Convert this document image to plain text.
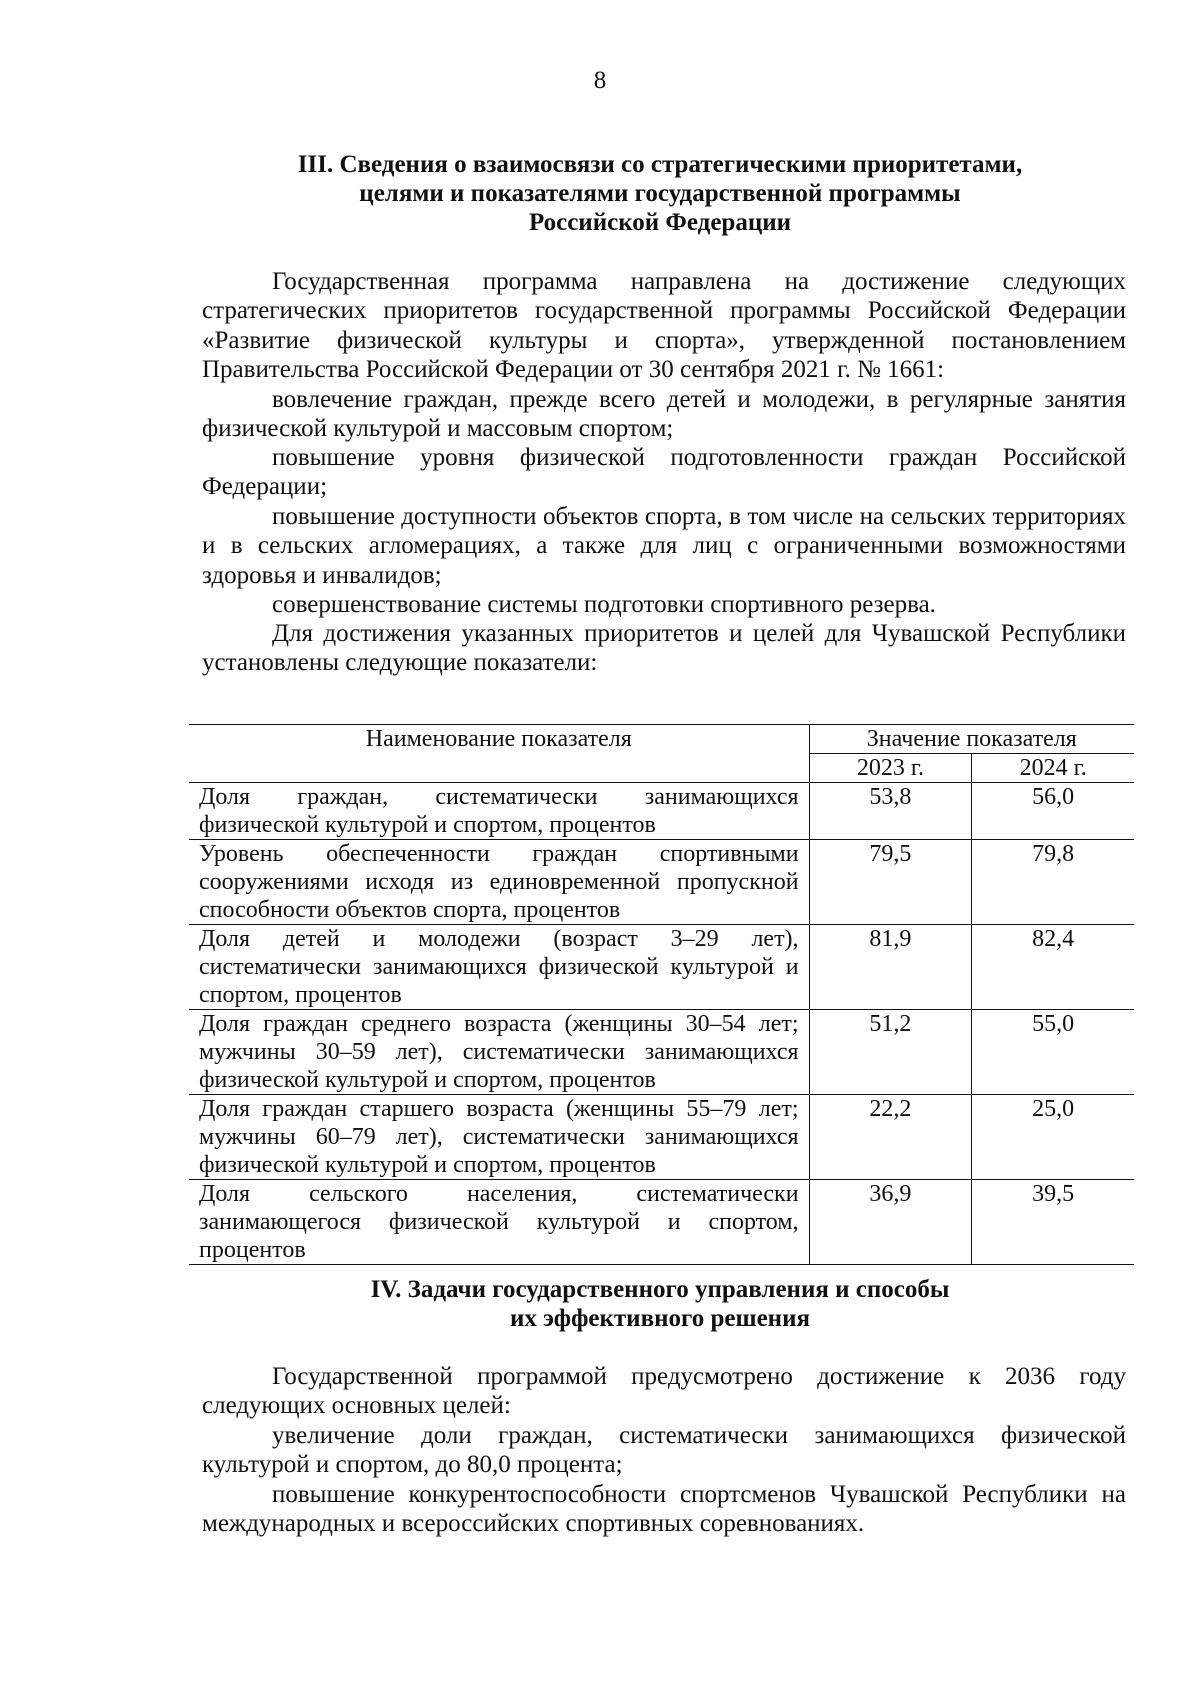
8
III. Сведения о взаимосвязи со стратегическими приоритетами,
целями и показателями государственной программы
Российской Федерации

Государственная программа направлена на достижение следующих стратегических приоритетов государственной программы Российской Федерации «Развитие физической культуры и спорта», утвержденной постановлением Правительства Российской Федерации от 30 сентября 2021 г. № 1661:

вовлечение граждан, прежде всего детей и молодежи, в регулярные занятия физической культурой и массовым спортом;

повышение уровня физической подготовленности граждан Российской Федерации;

повышение доступности объектов спорта, в том числе на сельских территориях и в сельских агломерациях, а также для лиц с ограниченными возможностями здоровья и инвалидов;

совершенствование системы подготовки спортивного резерва.

Для достижения указанных приоритетов и целей для Чувашской Республики установлены следующие показатели:

Наименование показателя	Значение показателя	
	2023 г.	2024 г.
Доля граждан, систематически занимающихся физической культурой и спортом, процентов	53,8	56,0
Уровень обеспеченности граждан спортивными сооружениями исходя из единовременной пропускной способности объектов спорта, процентов	79,5	79,8
Доля детей и молодежи (возраст 3–29 лет), систематически занимающихся физической культурой и спортом, процентов	81,9	82,4
Доля граждан среднего возраста (женщины 30–54 лет; мужчины 30–59 лет), систематически занимающихся физической культурой и спортом, процентов	51,2	55,0
Доля граждан старшего возраста (женщины 55–79 лет; мужчины 60–79 лет), систематически занимающихся физической культурой и спортом, процентов	22,2	25,0
Доля сельского населения, систематически занимающегося физической культурой и спортом, процентов	36,9	39,5
IV. Задачи государственного управления и способы
их эффективного решения

Государственной программой предусмотрено достижение к 2036 году следующих основных целей:

увеличение доли граждан, систематически занимающихся физической культурой и спортом, до 80,0 процента;

повышение конкурентоспособности спортсменов Чувашской Республики на международных и всероссийских спортивных соревнованиях.
